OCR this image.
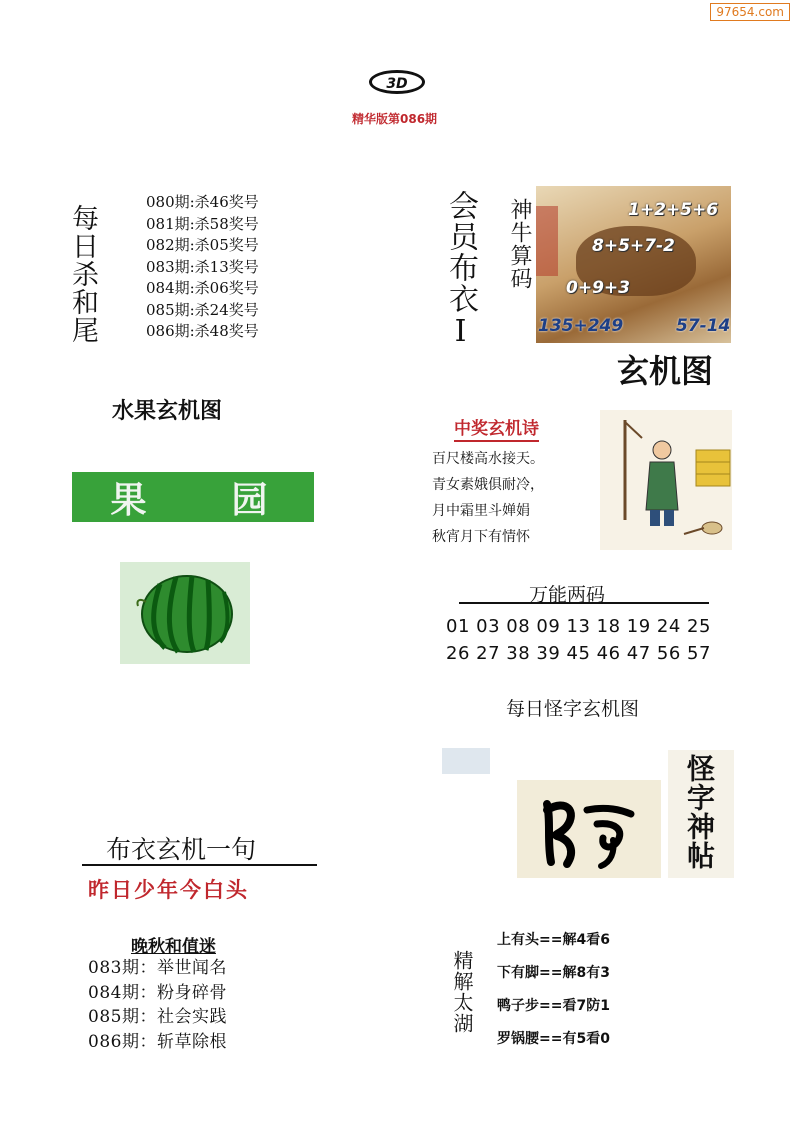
97654.com
3D
精华版第086期
每日杀和尾
080期:杀46奖号
081期:杀58奖号
082期:杀05奖号
083期:杀13奖号
084期:杀06奖号
085期:杀24奖号
086期:杀48奖号	会员布衣Ⅰ 神牛算码	1+2+5+6
8+5+7-2
0+9+3
135+249	57-14
玄机图
水果玄机图
果 园
中奖玄机诗
百尺楼高水接天。
青女素娥俱耐冷，
月中霜里斗婵娟
秋宵月下有情怀
万能两码
01 03 08 09 13 18 19 24 25
26 27 38 39 45 46 47 56 57
每日怪字玄机图
怪字神帖
布衣玄机一句
昨日少年今白头
晚秋和值迷
083期：举世闻名
084期：粉身碎骨
085期：社会实践
086期：斩草除根
精解太湖
上有头==解4看6
下有脚==解8有3
鸭子步==看7防1
罗锅腰==有5看0
